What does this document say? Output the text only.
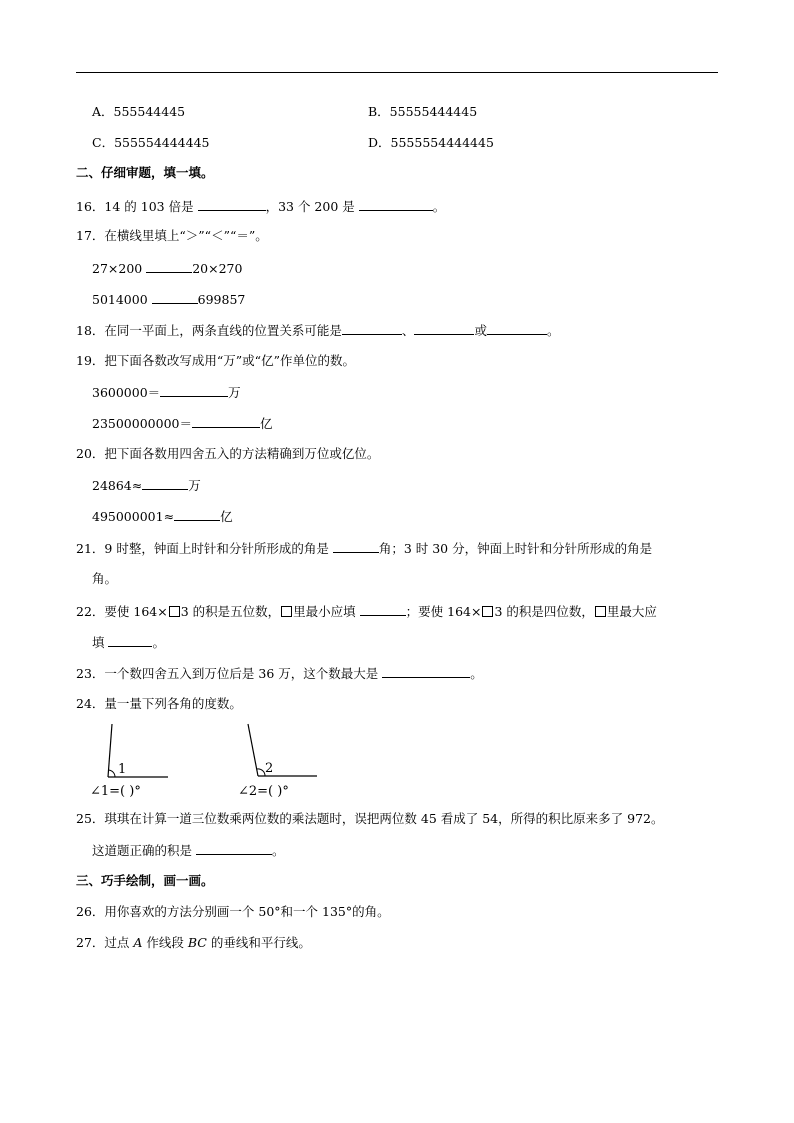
A．555544445	B．55555444445
C．555554444445	D．5555554444445
二、仔细审题，填一填。
16．14 的 103 倍是	，33 个 200 是	。
17．在横线里填上“＞”“＜”“＝”。
27×200	20×270
5014000	699857
18．在同一平面上，两条直线的位置关系可能是	、	或	。
19．把下面各数改写成用“万”或“亿”作单位的数。
3600000＝	万
23500000000＝	亿
20．把下面各数用四舍五入的方法精确到万位或亿位。
24864≈	万
495000001≈	亿
21．9 时整，钟面上时针和分针所形成的角是	角；3 时 30 分，钟面上时针和分针所形成的角是
角。
22．要使 164× 3 的积是五位数， 里最小应填	；要使 164× 3 的积是四位数， 里最大应
填	。
23．一个数四舍五入到万位后是 36 万，这个数最大是	。
24．量一量下列各角的度数。
1
∠1=( )°
2
∠2=( )°
25．琪琪在计算一道三位数乘两位数的乘法题时，误把两位数 45 看成了 54，所得的积比原来多了 972。
这道题正确的积是	。
三、巧手绘制，画一画。
26．用你喜欢的方法分别画一个 50°和一个 135°的角。
27．过点 A 作线段 BC 的垂线和平行线。
